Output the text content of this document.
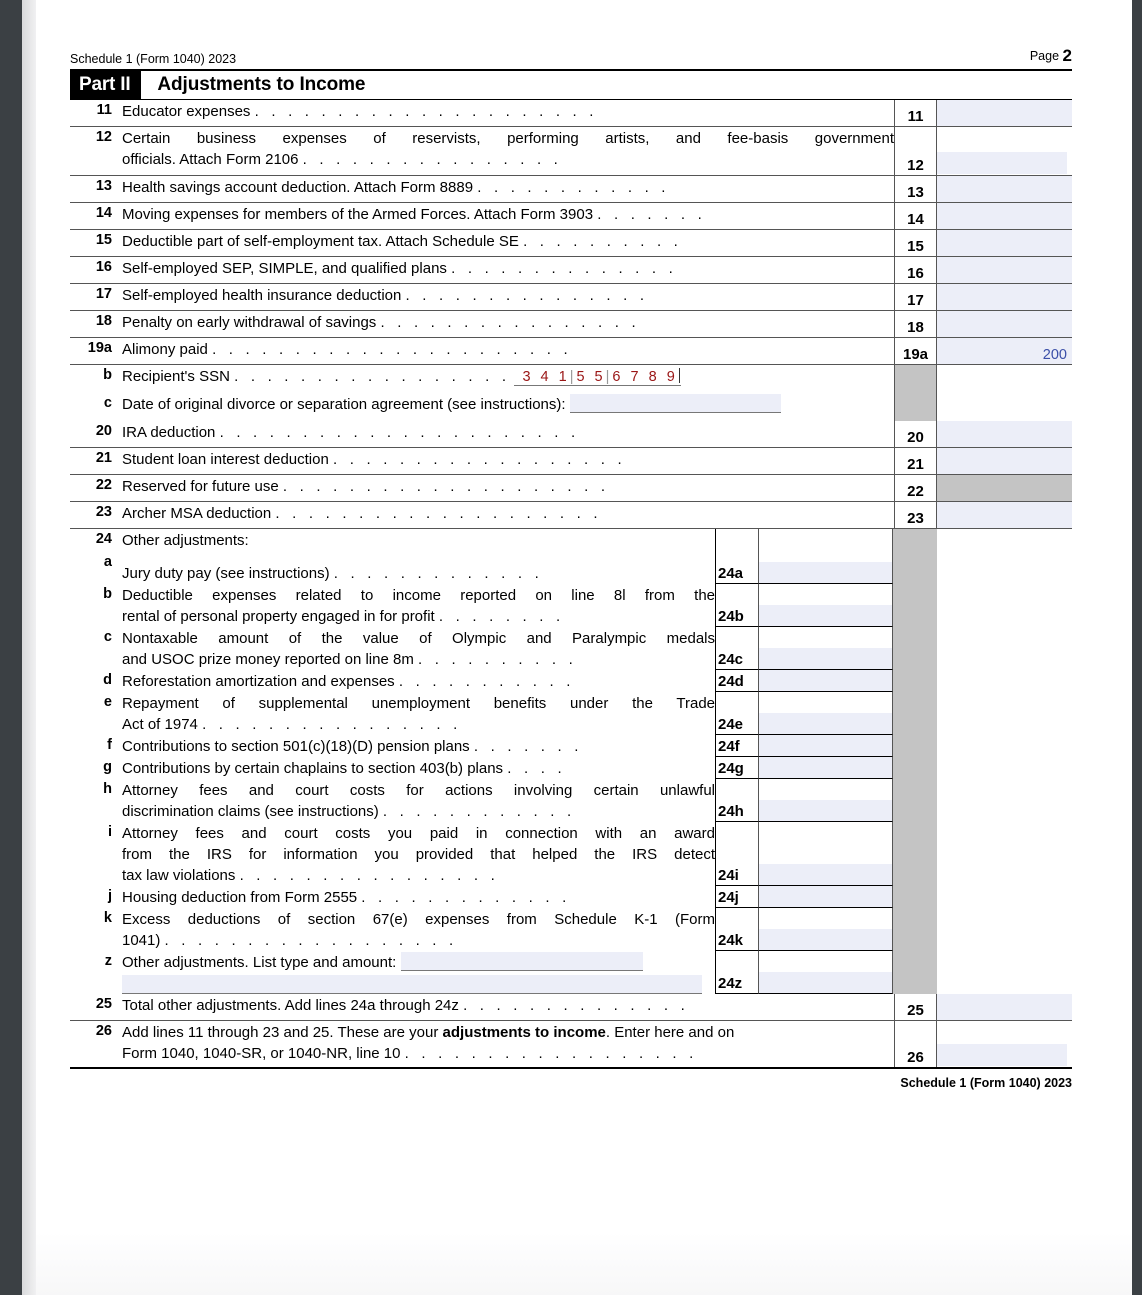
Schedule 1 (Form 1040) 2023	Page 2
Part II	Adjustments to Income
11 Educator expenses . . . . . . . . . . . . . . . . . . . . .	11
12 Certain business expenses of reservists, performing artists, and fee-basis government
officials. Attach Form 2106 . . . . . . . . . . . . . . . .	12
13 Health savings account deduction. Attach Form 8889 . . . . . . . . . . . .	13
14 Moving expenses for members of the Armed Forces. Attach Form 3903 . . . . . . .	14
15 Deductible part of self-employment tax. Attach Schedule SE . . . . . . . . . .	15
16 Self-employed SEP, SIMPLE, and qualified plans . . . . . . . . . . . . . .	16
17 Self-employed health insurance deduction . . . . . . . . . . . . . . .	17
18 Penalty on early withdrawal of savings . . . . . . . . . . . . . . . .	18
19a Alimony paid . . . . . . . . . . . . . . . . . . . . . .	19a	200
b Recipient's SSN . . . . . . . . . . . . . . . . . 3 4 1|5 5|6 7 8 9
c Date of original divorce or separation agreement (see instructions):
20 IRA deduction . . . . . . . . . . . . . . . . . . . . . .	20
21 Student loan interest deduction . . . . . . . . . . . . . . . . . .	21
22 Reserved for future use . . . . . . . . . . . . . . . . . . . .	22
23 Archer MSA deduction . . . . . . . . . . . . . . . . . . . .	23
24 Other adjustments:
a
Jury duty pay (see instructions) . . . . . . . . . . . . .	24a
b Deductible expenses related to income reported on line 8l from the
rental of personal property engaged in for profit . . . . . . . .	24b
c Nontaxable amount of the value of Olympic and Paralympic medals
and USOC prize money reported on line 8m . . . . . . . . . .	24c
d Reforestation amortization and expenses . . . . . . . . . . .	24d
e Repayment of supplemental unemployment benefits under the Trade
Act of 1974 . . . . . . . . . . . . . . . .	24e
f Contributions to section 501(c)(18)(D) pension plans . . . . . . .	24f
g Contributions by certain chaplains to section 403(b) plans . . . .	24g
h Attorney fees and court costs for actions involving certain unlawful
discrimination claims (see instructions) . . . . . . . . . . . .	24h
i Attorney fees and court costs you paid in connection with an award
from the IRS for information you provided that helped the IRS detect
tax law violations . . . . . . . . . . . . . . . .	24i
j Housing deduction from Form 2555 . . . . . . . . . . . . .	24j
k Excess deductions of section 67(e) expenses from Schedule K-1 (Form
1041) . . . . . . . . . . . . . . . . . .	24k
z Other adjustments. List type and amount:
24z
25 Total other adjustments. Add lines 24a through 24z . . . . . . . . . . . . . .	25
26 Add lines 11 through 23 and 25. These are your adjustments to income. Enter here and on
Form 1040, 1040-SR, or 1040-NR, line 10 . . . . . . . . . . . . . . . . . .	26
Schedule 1 (Form 1040) 2023
